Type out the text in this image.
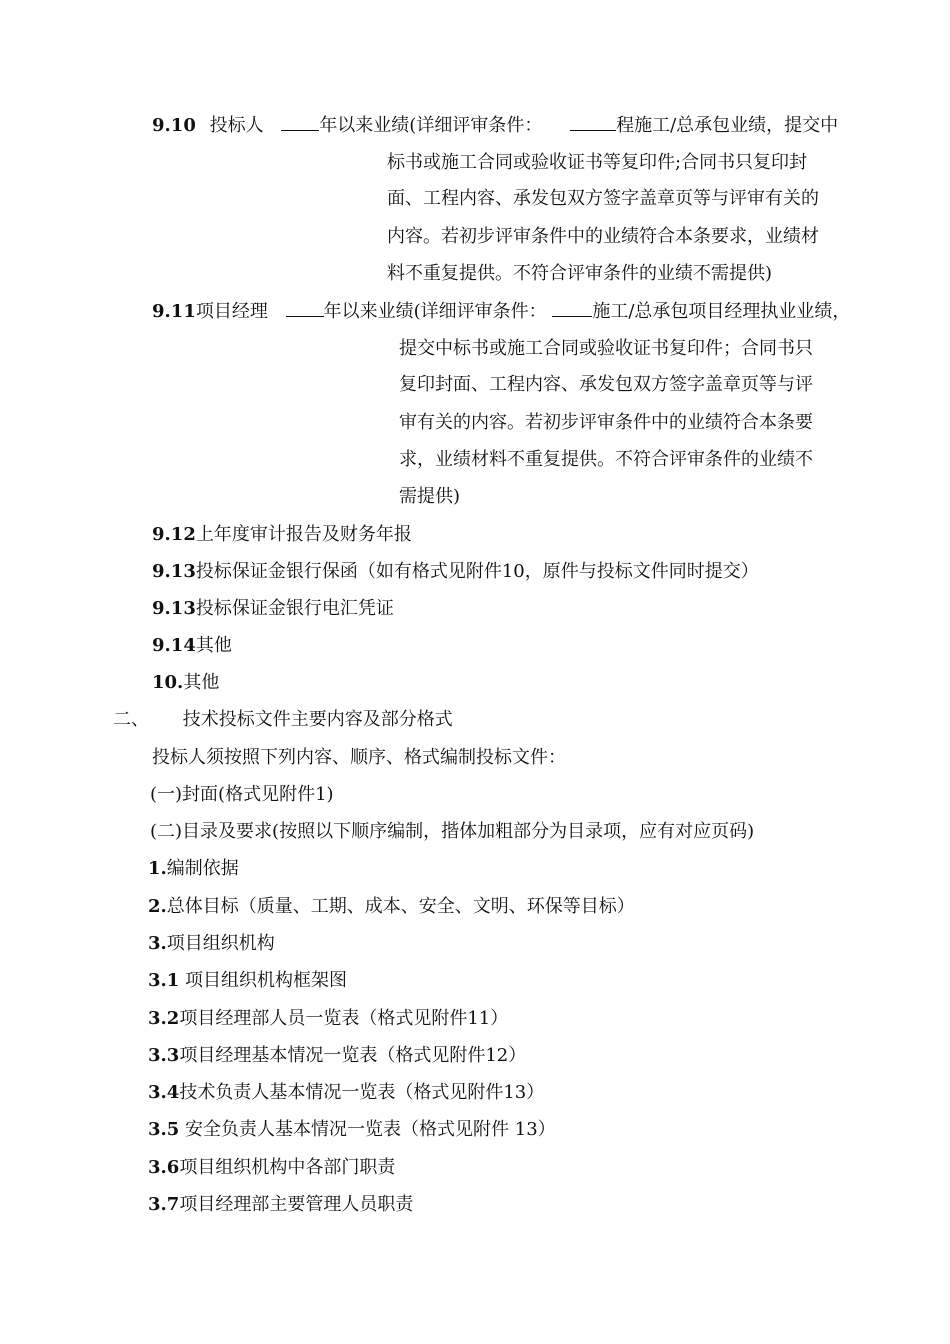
9.10 投标人	年以来业绩(详细评审条件：	程施工/总承包业绩，提交中
标书或施工合同或验收证书等复印件;合同书只复印封
面、工程内容、承发包双方签字盖章页等与评审有关的
内容。若初步评审条件中的业绩符合本条要求，业绩材
料不重复提供。不符合评审条件的业绩不需提供)
9.11项目经理	年以来业绩(详细评审条件：	施工/总承包项目经理执业业绩，
提交中标书或施工合同或验收证书复印件；合同书只
复印封面、工程内容、承发包双方签字盖章页等与评
审有关的内容。若初步评审条件中的业绩符合本条要
求，业绩材料不重复提供。不符合评审条件的业绩不
需提供)
9.12上年度审计报告及财务年报
9.13投标保证金银行保函（如有格式见附件10，原件与投标文件同时提交）
9.13投标保证金银行电汇凭证
9.14其他
10.其他
二、 技术投标文件主要内容及部分格式
投标人须按照下列内容、顺序、格式编制投标文件：
(一)封面(格式见附件1)
(二)目录及要求(按照以下顺序编制，揩体加粗部分为目录项，应有对应页码)
1.编制依据
2.总体目标（质量、工期、成本、安全、文明、环保等目标）
3.项目组织机构
3.1 项目组织机构框架图
3.2项目经理部人员一览表（格式见附件11）
3.3项目经理基本情况一览表（格式见附件12）
3.4技术负责人基本情况一览表（格式见附件13）
3.5 安全负责人基本情况一览表（格式见附件 13）
3.6项目组织机构中各部门职责
3.7项目经理部主要管理人员职责
